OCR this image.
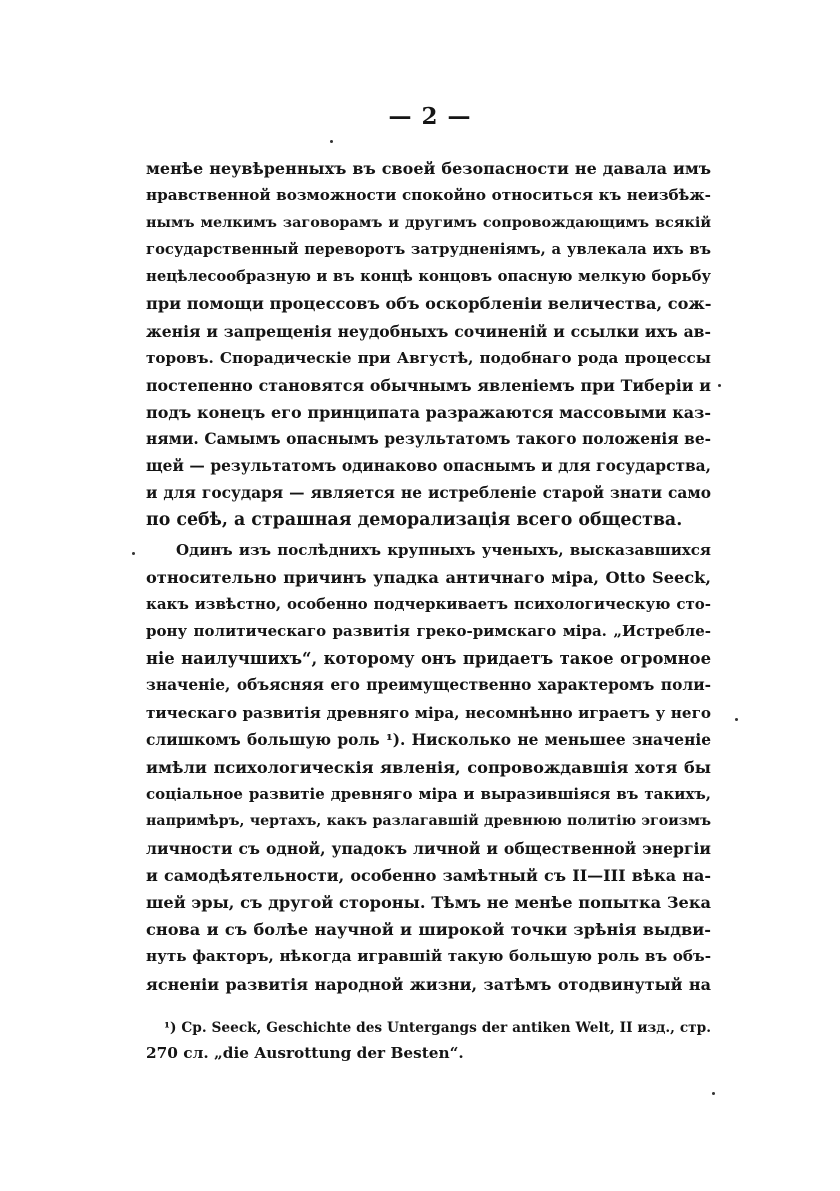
— 2 —
менѣе неувѣренныхъ въ своей безопасности не давала имъ
нравственной возможности спокойно относиться къ неизбѣж-
нымъ мелкимъ заговорамъ и другимъ сопровождающимъ всякій
государственный переворотъ затрудненіямъ, а увлекала ихъ въ
нецѣлесообразную и въ концѣ концовъ опасную мелкую борьбу
при помощи процессовъ объ оскорбленіи величества, сож-
женія и запрещенія неудобныхъ сочиненій и ссылки ихъ ав-
торовъ. Спорадическіе при Августѣ, подобнаго рода процессы
постепенно становятся обычнымъ явленіемъ при Тиберіи и
подъ конецъ его принципата разражаются массовыми каз-
нями. Самымъ опаснымъ результатомъ такого положенія ве-
щей — результатомъ одинаково опаснымъ и для государства,
и для государя — является не истребленіе старой знати само
по себѣ, а страшная деморализація всего общества.
Одинъ изъ послѣднихъ крупныхъ ученыхъ, высказавшихся
относительно причинъ упадка античнаго міра, Otto Seeck,
какъ извѣстно, особенно подчеркиваетъ психологическую сто-
рону политическаго развитія греко-римскаго міра. „Истребле-
ніе наилучшихъ“, которому онъ придаетъ такое огромное
значеніе, объясняя его преимущественно характеромъ поли-
тическаго развитія древняго міра, несомнѣнно играетъ у него
слишкомъ большую роль ¹). Нисколько не меньшее значеніе
имѣли психологическія явленія, сопровождавшія хотя бы
соціальное развитіе древняго міра и выразившіяся въ такихъ,
напримѣръ, чертахъ, какъ разлагавшій древнюю политію эгоизмъ
личности съ одной, упадокъ личной и общественной энергіи
и самодѣятельности, особенно замѣтный съ II—III вѣка на-
шей эры, съ другой стороны. Тѣмъ не менѣе попытка Зека
снова и съ болѣе научной и широкой точки зрѣнія выдви-
нуть факторъ, нѣкогда игравшій такую большую роль въ объ-
ясненіи развитія народной жизни, затѣмъ отодвинутый на
¹) Ср. Seeck, Geschichte des Untergangs der antiken Welt, II изд., стр.
270 сл. „die Ausrottung der Besten“.
